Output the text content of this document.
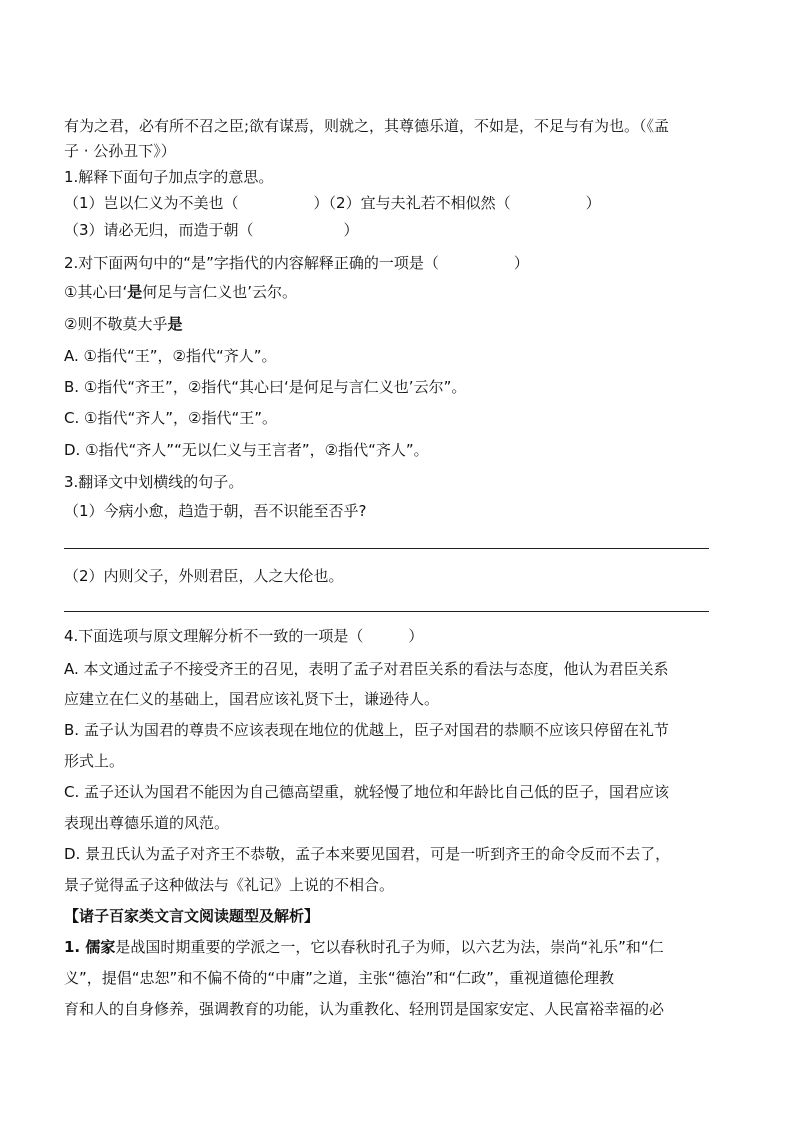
有为之君，必有所不召之臣;欲有谋焉，则就之，其尊德乐道，不如是，不足与有为也。（《孟
子 · 公孙丑下》）
1.解释下面句子加点字的意思。
（1）岂以仁义为不美也（　　　　　）（2）宜与夫礼若不相似然（　　　　　）
（3）请必无归，而造于朝（　　　　　　）
2.对下面两句中的“是”字指代的内容解释正确的一项是（　　　　　）
①其心曰‘是何足与言仁义也’云尔。
②则不敬莫大乎是
A. ①指代“王”，②指代“齐人”。
B. ①指代“齐王”，②指代“其心曰‘是何足与言仁义也’云尔”。
C. ①指代“齐人”，②指代“王”。
D. ①指代“齐人”“无以仁义与王言者”，②指代“齐人”。
3.翻译文中划横线的句子。
（1）今病小愈，趋造于朝，吾不识能至否乎?
（2）内则父子，外则君臣，人之大伦也。
4.下面选项与原文理解分析不一致的一项是（　　　）
A. 本文通过孟子不接受齐王的召见，表明了孟子对君臣关系的看法与态度，他认为君臣关系
应建立在仁义的基础上，国君应该礼贤下士，谦逊待人。
B. 孟子认为国君的尊贵不应该表现在地位的优越上，臣子对国君的恭顺不应该只停留在礼节
形式上。
C. 孟子还认为国君不能因为自己德高望重，就轻慢了地位和年龄比自己低的臣子，国君应该
表现出尊德乐道的风范。
D. 景丑氏认为孟子对齐王不恭敬，孟子本来要见国君，可是一听到齐王的命令反而不去了，
景子觉得孟子这种做法与《礼记》上说的不相合。
【诸子百家类文言文阅读题型及解析】
1. 儒家是战国时期重要的学派之一，它以春秋时孔子为师，以六艺为法，崇尚“礼乐”和“仁
义”，提倡“忠恕”和不偏不倚的“中庸”之道，主张“德治”和“仁政”，重视道德伦理教
育和人的自身修养，强调教育的功能，认为重教化、轻刑罚是国家安定、人民富裕幸福的必
